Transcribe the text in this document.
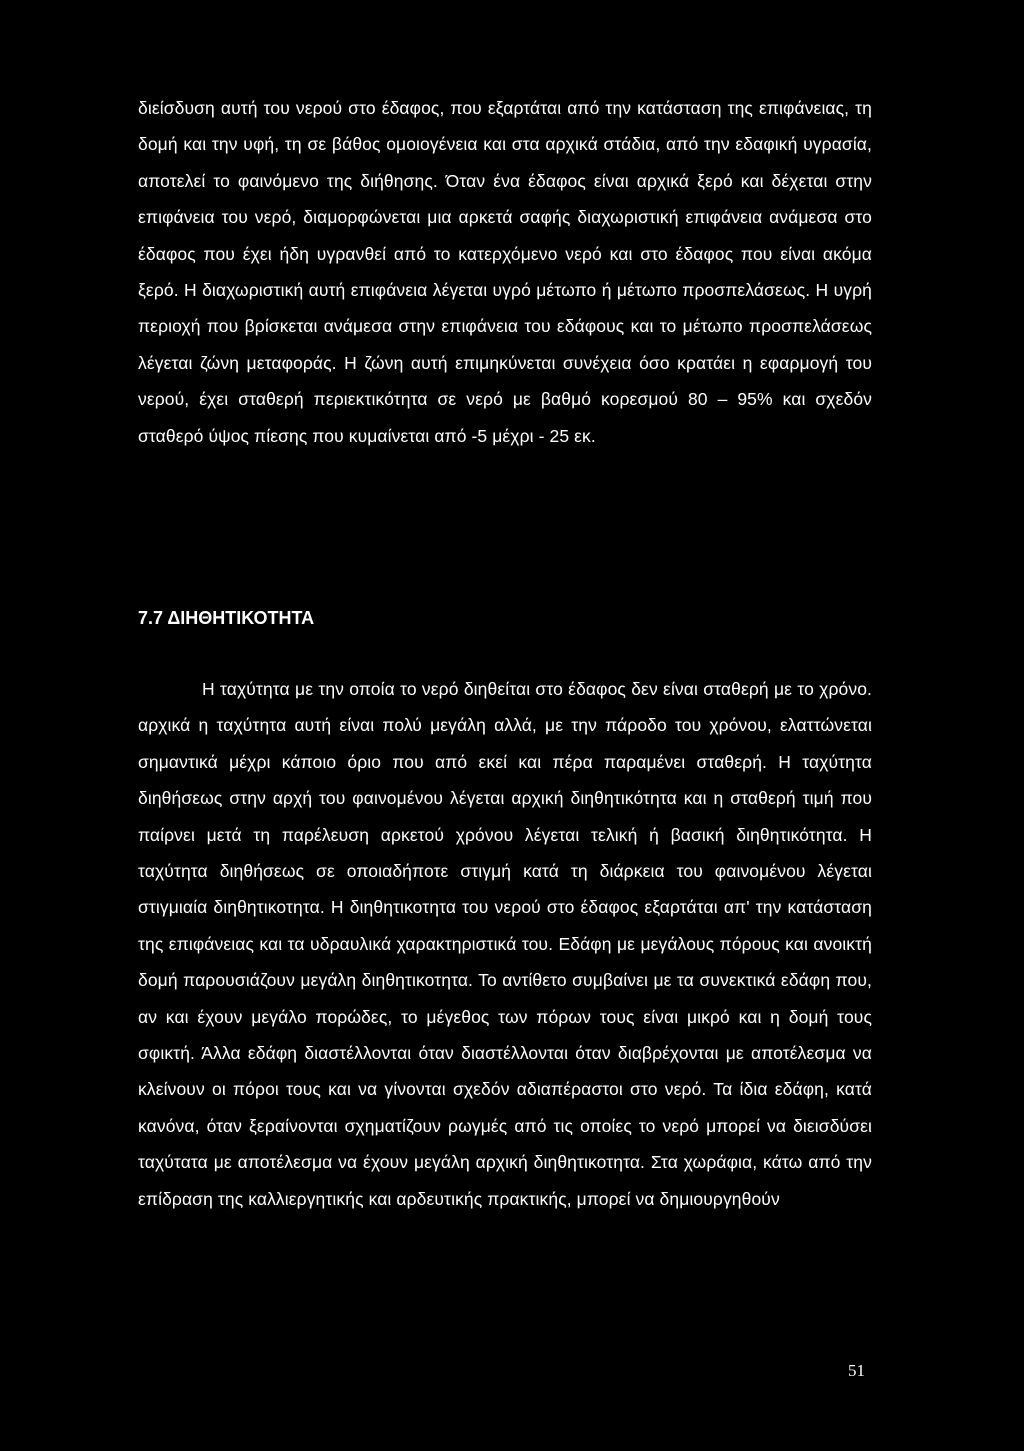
διείσδυση αυτή του νερού στο έδαφος, που εξαρτάται από την κατάσταση της επιφάνειας, τη δομή και την υφή, τη σε βάθος ομοιογένεια και στα αρχικά στάδια, από την εδαφική υγρασία, αποτελεί το φαινόμενο της διήθησης. Όταν ένα έδαφος είναι αρχικά ξερό και δέχεται στην επιφάνεια του νερό, διαμορφώνεται μια αρκετά σαφής διαχωριστική επιφάνεια ανάμεσα στο έδαφος που έχει ήδη υγρανθεί από το κατερχόμενο νερό και στο έδαφος που είναι ακόμα ξερό. Η διαχωριστική αυτή επιφάνεια λέγεται υγρό μέτωπο ή μέτωπο προσπελάσεως. Η υγρή περιοχή που βρίσκεται ανάμεσα στην επιφάνεια του εδάφους και το μέτωπο προσπελάσεως λέγεται ζώνη μεταφοράς. Η ζώνη αυτή επιμηκύνεται συνέχεια όσο κρατάει η εφαρμογή του νερού, έχει σταθερή περιεκτικότητα σε νερό με βαθμό κορεσμού 80 – 95% και σχεδόν σταθερό ύψος πίεσης που κυμαίνεται από -5 μέχρι - 25 εκ.

7.7 ΔΙΗΘΗΤΙΚΟΤΗΤΑ

Η ταχύτητα με την οποία το νερό διηθείται στο έδαφος δεν είναι σταθερή με το χρόνο. αρχικά η ταχύτητα αυτή είναι πολύ μεγάλη αλλά, με την πάροδο του χρόνου, ελαττώνεται σημαντικά μέχρι κάποιο όριο που από εκεί και πέρα παραμένει σταθερή. Η ταχύτητα διηθήσεως στην αρχή του φαινομένου λέγεται αρχική διηθητικότητα και η σταθερή τιμή που παίρνει μετά τη παρέλευση αρκετού χρόνου λέγεται τελική ή βασική διηθητικότητα. Η ταχύτητα διηθήσεως σε οποιαδήποτε στιγμή κατά τη διάρκεια του φαινομένου λέγεται στιγμιαία διηθητικοτητα. Η διηθητικοτητα του νερού στο έδαφος εξαρτάται απ' την κατάσταση της επιφάνειας και τα υδραυλικά χαρακτηριστικά του. Εδάφη με μεγάλους πόρους και ανοικτή δομή παρουσιάζουν μεγάλη διηθητικοτητα. Το αντίθετο συμβαίνει με τα συνεκτικά εδάφη που, αν και έχουν μεγάλο πορώδες, το μέγεθος των πόρων τους είναι μικρό και η δομή τους σφικτή. Άλλα εδάφη διαστέλλονται όταν διαστέλλονται όταν διαβρέχονται με αποτέλεσμα να κλείνουν οι πόροι τους και να γίνονται σχεδόν αδιαπέραστοι στο νερό. Τα ίδια εδάφη, κατά κανόνα, όταν ξεραίνονται σχηματίζουν ρωγμές από τις οποίες το νερό μπορεί να διεισδύσει ταχύτατα με αποτέλεσμα να έχουν μεγάλη αρχική διηθητικοτητα. Στα χωράφια, κάτω από την επίδραση της καλλιεργητικής και αρδευτικής πρακτικής, μπορεί να δημιουργηθούν

51
